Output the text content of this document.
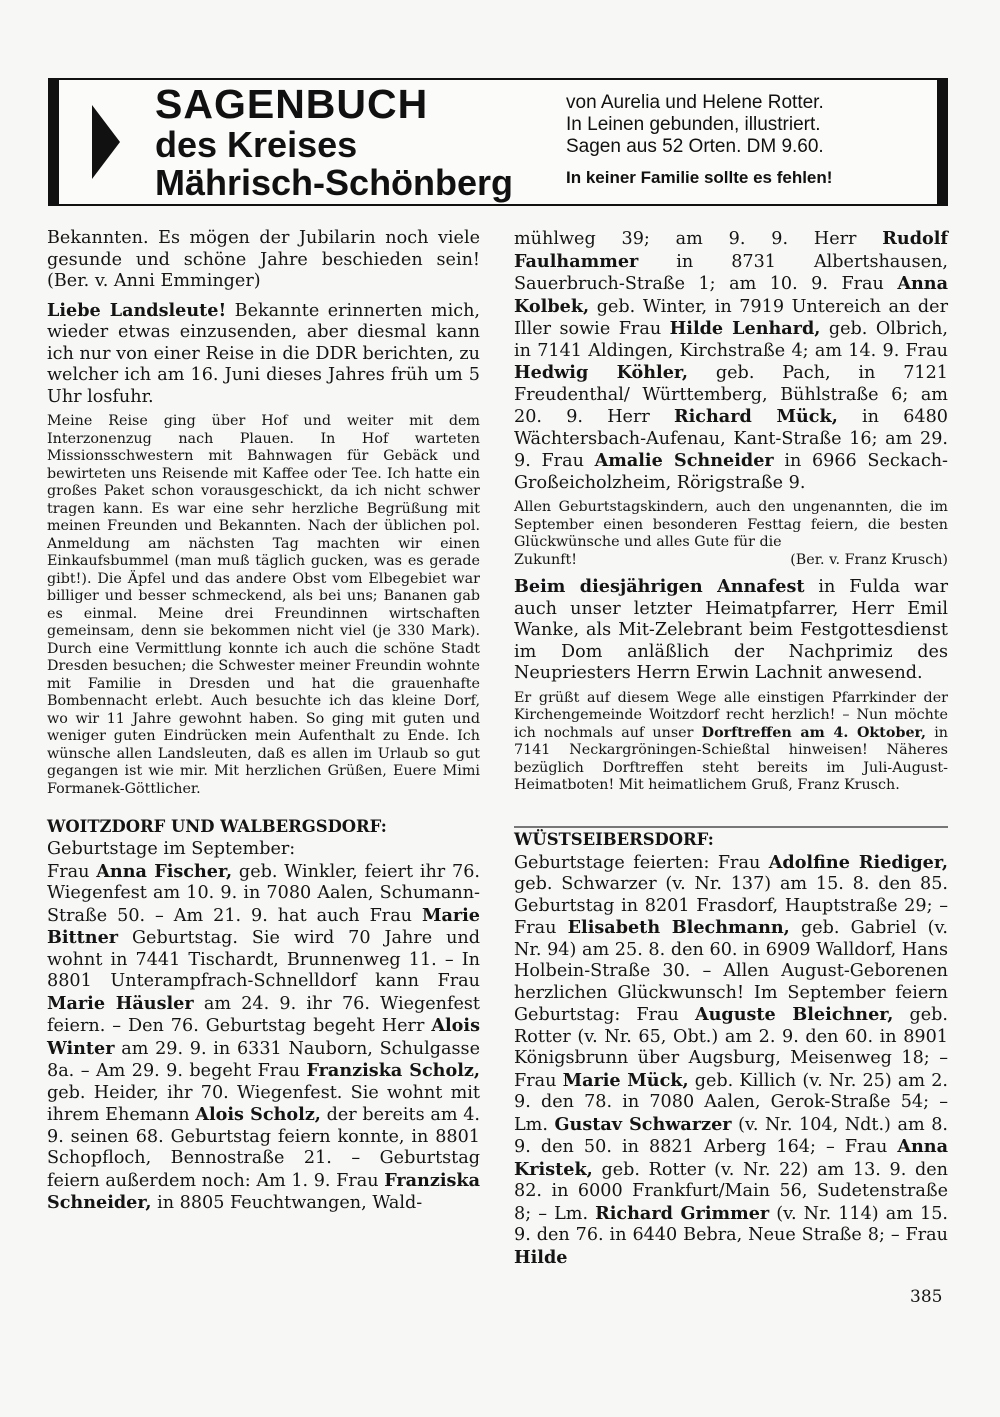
SAGENBUCH
des Kreises
Mährisch-Schönberg
von Aurelia und Helene Rotter.
In Leinen gebunden, illustriert.
Sagen aus 52 Orten. DM 9.60.
In keiner Familie sollte es fehlen!

Bekannten. Es mögen der Jubilarin noch viele gesunde und schöne Jahre beschieden sein! (Ber. v. Anni Emminger)

Liebe Landsleute! Bekannte erinnerten mich, wieder etwas einzusenden, aber diesmal kann ich nur von einer Reise in die DDR berichten, zu welcher ich am 16. Juni dieses Jahres früh um 5 Uhr losfuhr.

Meine Reise ging über Hof und weiter mit dem Interzonenzug nach Plauen. In Hof warteten Missionsschwestern mit Bahnwagen für Gebäck und bewirteten uns Reisende mit Kaffee oder Tee. Ich hatte ein großes Paket schon vorausgeschickt, da ich nicht schwer tragen kann. Es war eine sehr herzliche Begrüßung mit meinen Freunden und Bekannten. Nach der üblichen pol. Anmeldung am nächsten Tag machten wir einen Einkaufsbummel (man muß täglich gucken, was es gerade gibt!). Die Äpfel und das andere Obst vom Elbegebiet war billiger und besser schmeckend, als bei uns; Bananen gab es einmal. Meine drei Freundinnen wirtschaften gemeinsam, denn sie bekommen nicht viel (je 330 Mark). Durch eine Vermittlung konnte ich auch die schöne Stadt Dresden besuchen; die Schwester meiner Freundin wohnte mit Familie in Dresden und hat die grauenhafte Bombennacht erlebt. Auch besuchte ich das kleine Dorf, wo wir 11 Jahre gewohnt haben. So ging mit guten und weniger guten Eindrücken mein Aufenthalt zu Ende. Ich wünsche allen Landsleuten, daß es allen im Urlaub so gut gegangen ist wie mir. Mit herzlichen Grüßen, Euere Mimi Formanek-Göttlicher.

WOITZDORF UND WALBERGSDORF:

Geburtstage im September:

Frau Anna Fischer, geb. Winkler, feiert ihr 76. Wiegenfest am 10. 9. in 7080 Aalen, Schumann-Straße 50. – Am 21. 9. hat auch Frau Marie Bittner Geburtstag. Sie wird 70 Jahre und wohnt in 7441 Tischardt, Brunnenweg 11. – In 8801 Unterampfrach-Schnelldorf kann Frau Marie Häusler am 24. 9. ihr 76. Wiegenfest feiern. – Den 76. Geburtstag begeht Herr Alois Winter am 29. 9. in 6331 Nauborn, Schulgasse 8a. – Am 29. 9. begeht Frau Franziska Scholz, geb. Heider, ihr 70. Wiegenfest. Sie wohnt mit ihrem Ehemann Alois Scholz, der bereits am 4. 9. seinen 68. Geburtstag feiern konnte, in 8801 Schopfloch, Bennostraße 21. – Geburtstag feiern außerdem noch: Am 1. 9. Frau Franziska Schneider, in 8805 Feuchtwangen, Wald-

mühlweg 39; am 9. 9. Herr Rudolf Faulhammer in 8731 Albertshausen, Sauerbruch-Straße 1; am 10. 9. Frau Anna Kolbek, geb. Winter, in 7919 Untereich an der Iller sowie Frau Hilde Lenhard, geb. Olbrich, in 7141 Aldingen, Kirchstraße 4; am 14. 9. Frau Hedwig Köhler, geb. Pach, in 7121 Freudenthal/ Württemberg, Bühlstraße 6; am 20. 9. Herr Richard Mück, in 6480 Wächtersbach-Aufenau, Kant-Straße 16; am 29. 9. Frau Amalie Schneider in 6966 Seckach-Großeicholzheim, Rörigstraße 9.

Allen Geburtstagskindern, auch den ungenannten, die im September einen besonderen Festtag feiern, die besten Glückwünsche und alles Gute für die
Zukunft!	(Ber. v. Franz Krusch)

Beim diesjährigen Annafest in Fulda war auch unser letzter Heimatpfarrer, Herr Emil Wanke, als Mit-Zelebrant beim Festgottesdienst im Dom anläßlich der Nachprimiz des Neupriesters Herrn Erwin Lachnit anwesend.

Er grüßt auf diesem Wege alle einstigen Pfarrkinder der Kirchengemeinde Woitzdorf recht herzlich! – Nun möchte ich nochmals auf unser Dorftreffen am 4. Oktober, in 7141 Neckargröningen-Schießtal hinweisen! Näheres bezüglich Dorftreffen steht bereits im Juli-August-Heimatboten! Mit heimatlichem Gruß, Franz Krusch.

WÜSTSEIBERSDORF:

Geburtstage feierten: Frau Adolfine Riediger, geb. Schwarzer (v. Nr. 137) am 15. 8. den 85. Geburtstag in 8201 Frasdorf, Hauptstraße 29; – Frau Elisabeth Blechmann, geb. Gabriel (v. Nr. 94) am 25. 8. den 60. in 6909 Walldorf, Hans Holbein-Straße 30. – Allen August-Geborenen herzlichen Glückwunsch! Im September feiern Geburtstag: Frau Auguste Bleichner, geb. Rotter (v. Nr. 65, Obt.) am 2. 9. den 60. in 8901 Königsbrunn über Augsburg, Meisenweg 18; – Frau Marie Mück, geb. Killich (v. Nr. 25) am 2. 9. den 78. in 7080 Aalen, Gerok-Straße 54; – Lm. Gustav Schwarzer (v. Nr. 104, Ndt.) am 8. 9. den 50. in 8821 Arberg 164; – Frau Anna Kristek, geb. Rotter (v. Nr. 22) am 13. 9. den 82. in 6000 Frankfurt/Main 56, Sudetenstraße 8; – Lm. Richard Grimmer (v. Nr. 114) am 15. 9. den 76. in 6440 Bebra, Neue Straße 8; – Frau Hilde

385
